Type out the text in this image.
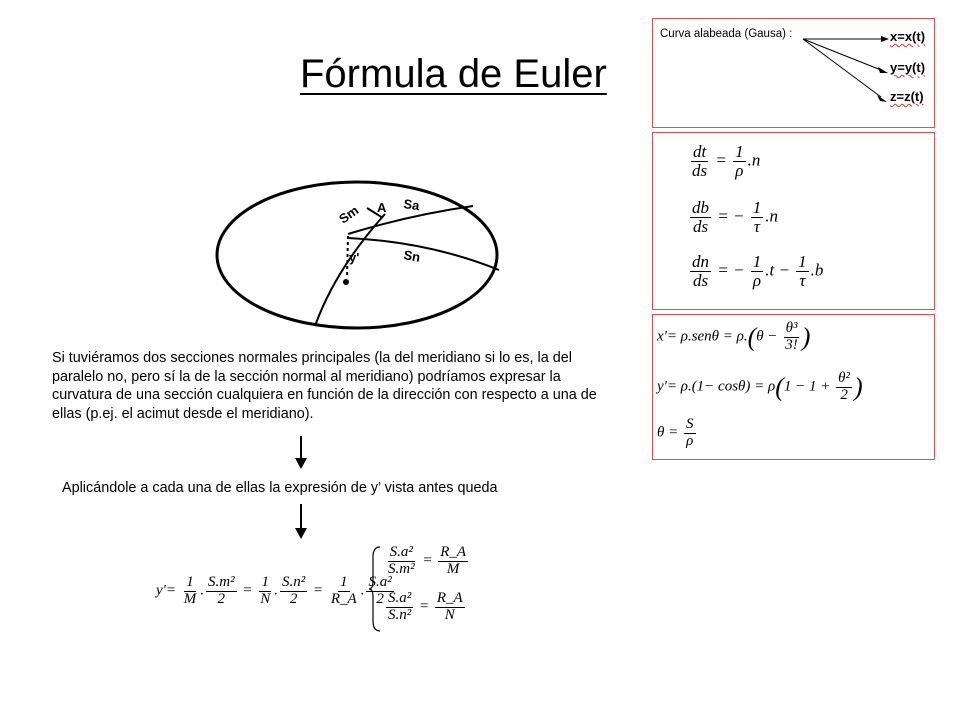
Fórmula de Euler
Sm A Sa
Sn
y'
Si tuviéramos dos secciones normales principales (la del meridiano si lo es, la del paralelo no, pero sí la de la sección normal al meridiano) podríamos expresar la curvatura de una sección cualquiera en función de la dirección con respecto a una de ellas (p.ej. el acimut desde el meridiano).
Aplicándole a cada una de ellas la expresión de y’ vista antes queda
Curva alabeada (Gausa) :	x=x(t)
y=y(t)
z=z(t)
$\frac{dt}{ds} = \frac{1}{\rho} .n$
$\frac{db}{ds}$ = − $\frac{1}{\tau} .n$
$\frac{dn}{ds}$ = − $\frac{1}{\rho} .t - \frac{1}{\tau} .b$
$x'= \rho.sen\theta = \rho.(\theta - \frac{\text{θ³}}{3!}$ )
$y'= \rho.(1- \cos\theta) = \rho(1 - 1 + \frac{\text{θ²}}{2}$ )
$\theta = \frac{S}{\rho}$
$y'= \frac{1}{M}$ . $\frac{\text{S.m²}}{2} = \frac{1}{N}$ . $\frac{\text{S.n²}}{2} = \frac{1}{R\_A}$ . $\frac{\text{S.a²}}{2}$
$\frac{\text{S.a²}}{\text{S.m²}} = \frac{R\_A}{M}$
$\frac{\text{S.a²}}{\text{S.n²}} = \frac{R\_A}{N}$
